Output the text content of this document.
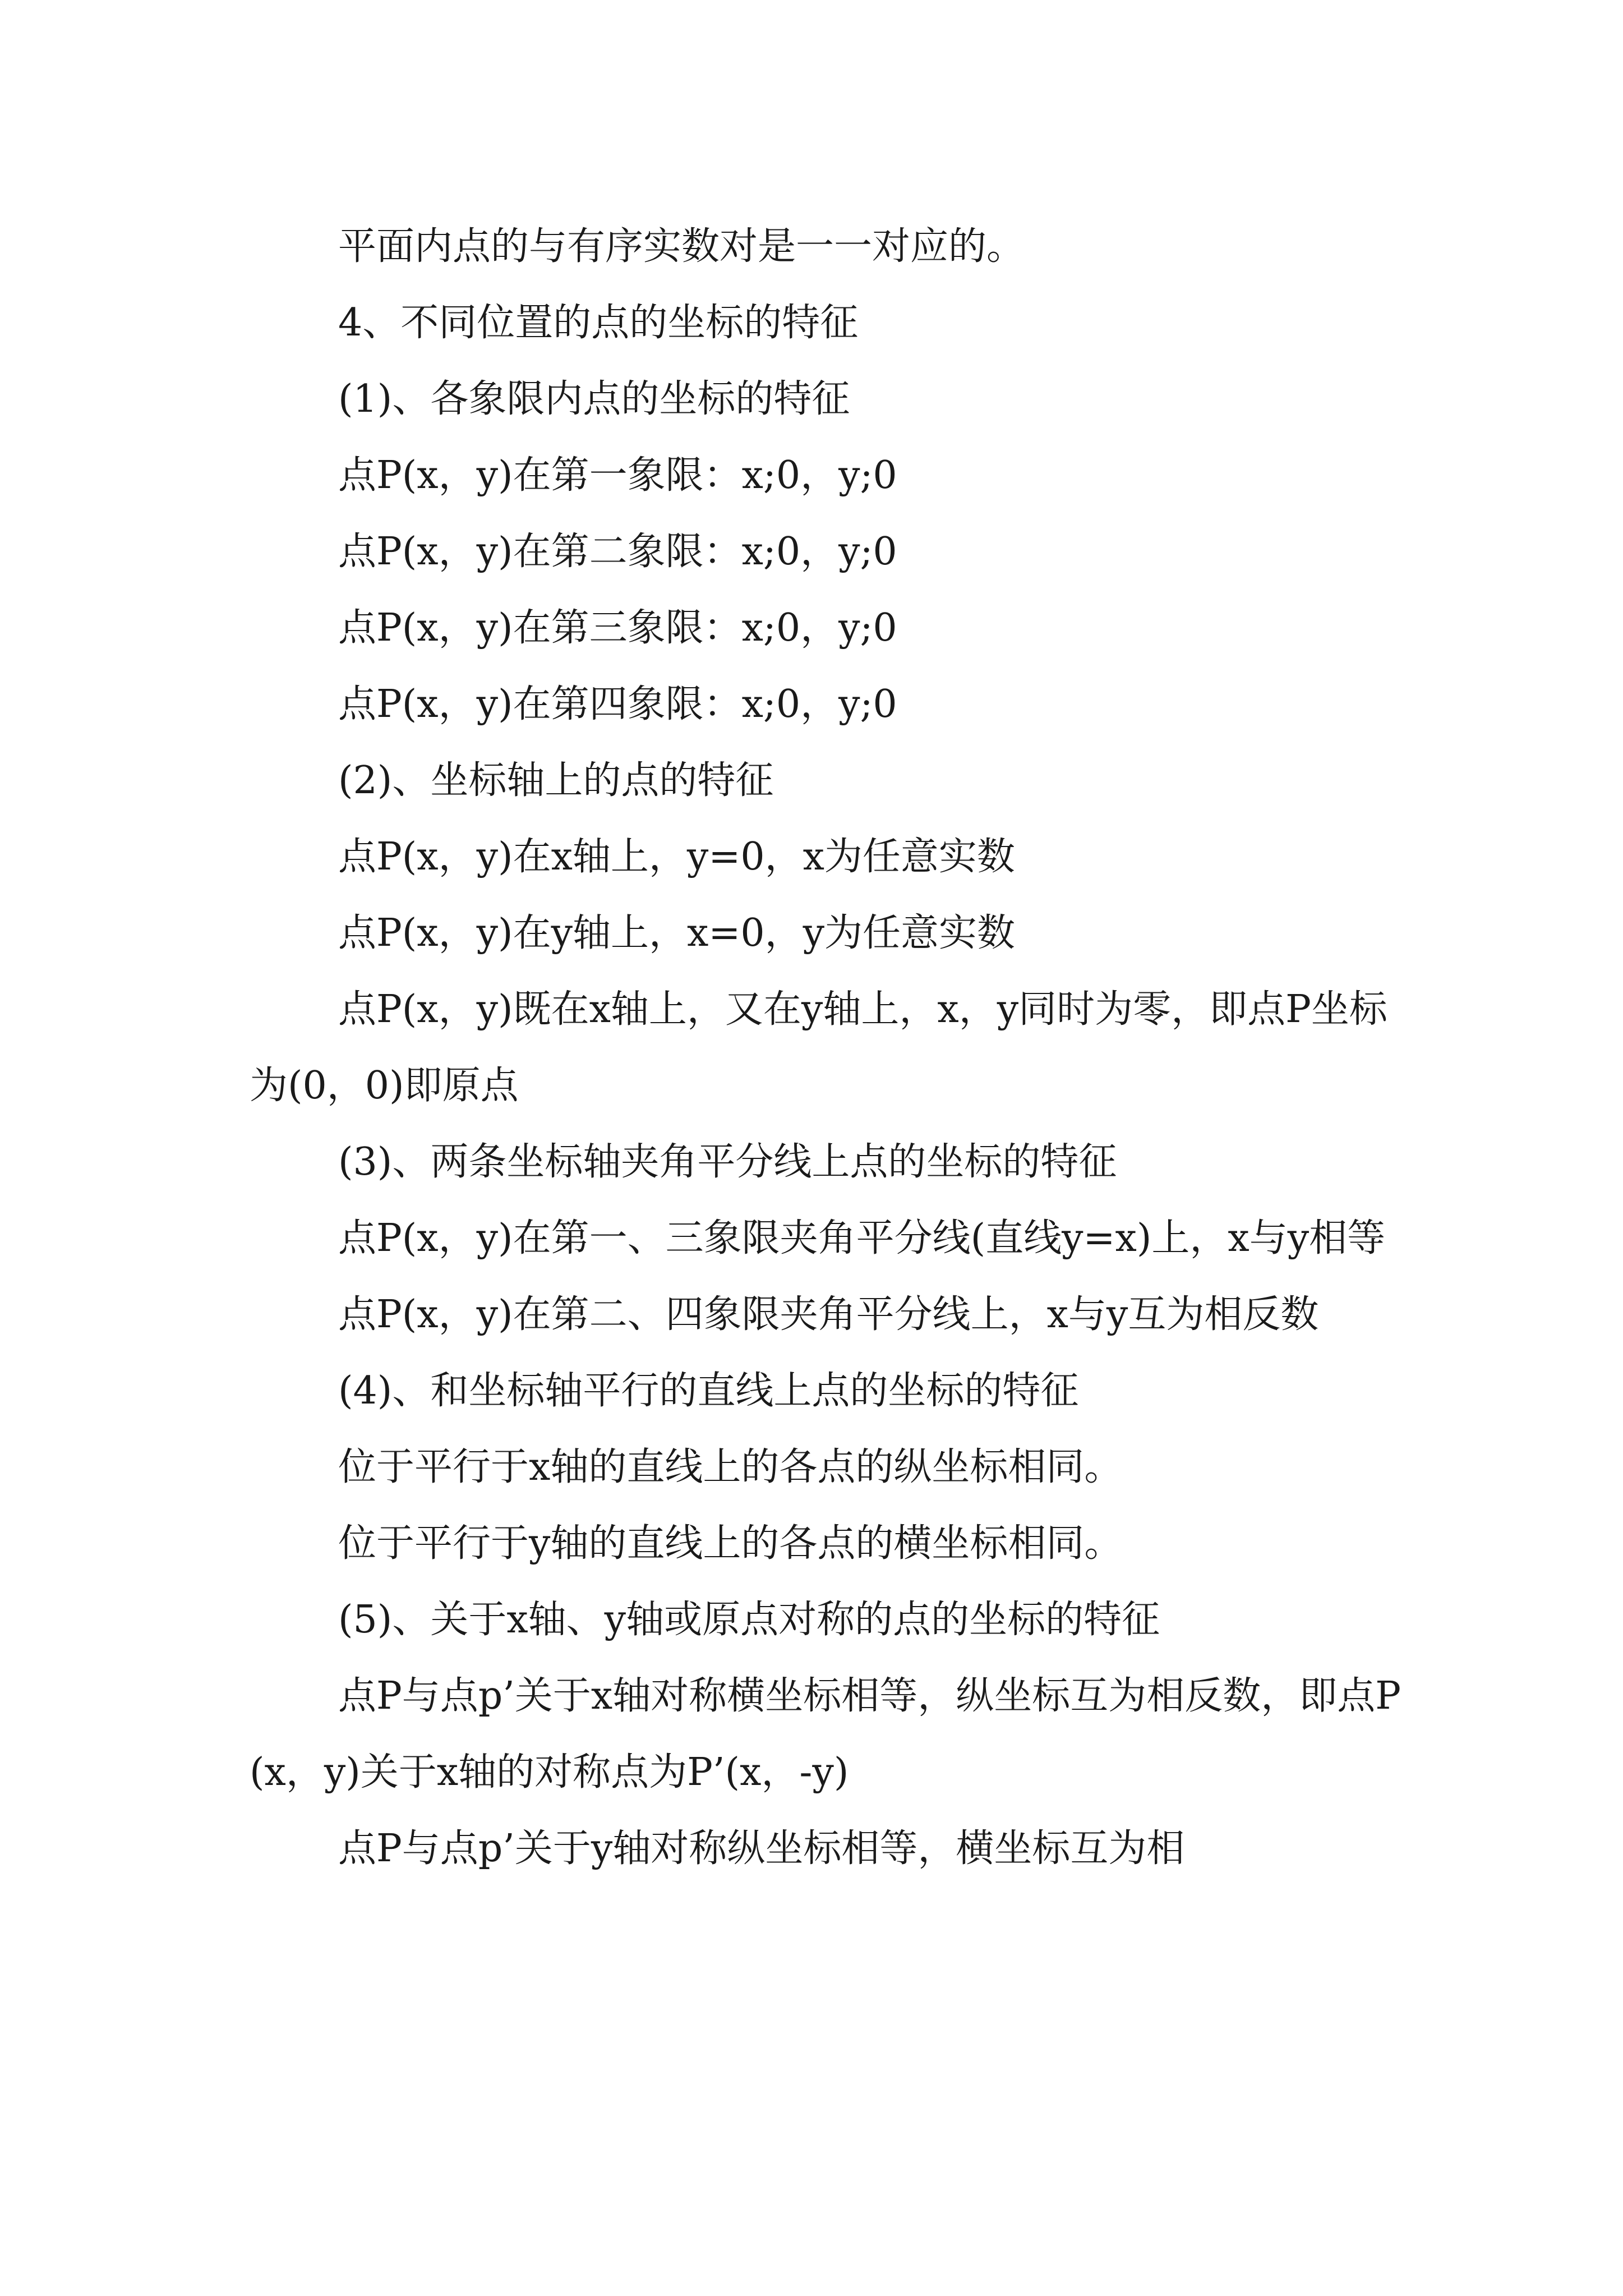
平面内点的与有序实数对是一一对应的。

4、不同位置的点的坐标的特征

(1)、各象限内点的坐标的特征

点P(x，y)在第一象限：x;0，y;0

点P(x，y)在第二象限：x;0，y;0

点P(x，y)在第三象限：x;0，y;0

点P(x，y)在第四象限：x;0，y;0

(2)、坐标轴上的点的特征

点P(x，y)在x轴上，y=0，x为任意实数

点P(x，y)在y轴上，x=0，y为任意实数

点P(x，y)既在x轴上，又在y轴上，x，y同时为零，即点P坐标为(0，0)即原点

(3)、两条坐标轴夹角平分线上点的坐标的特征

点P(x，y)在第一、三象限夹角平分线(直线y=x)上，x与y相等

点P(x，y)在第二、四象限夹角平分线上，x与y互为相反数

(4)、和坐标轴平行的直线上点的坐标的特征

位于平行于x轴的直线上的各点的纵坐标相同。

位于平行于y轴的直线上的各点的横坐标相同。

(5)、关于x轴、y轴或原点对称的点的坐标的特征

点P与点p’关于x轴对称横坐标相等，纵坐标互为相反数，即点P(x，y)关于x轴的对称点为P’(x，-y)

点P与点p’关于y轴对称纵坐标相等，横坐标互为相
